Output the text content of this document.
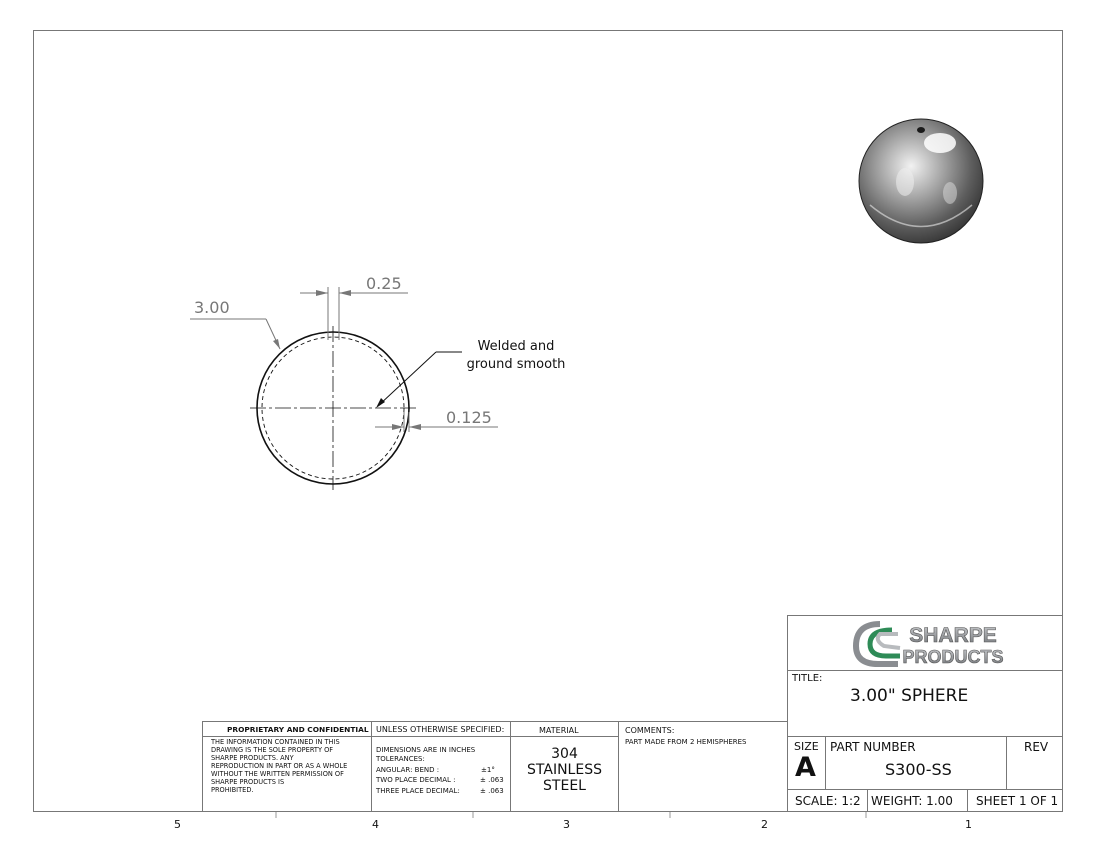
3.00
0.25
0.125
Welded and
ground smooth
SHARPE
PRODUCTS
TITLE:
3.00" SPHERE
SIZE
A
PART NUMBER
S300-SS
REV
SCALE: 1:2 WEIGHT: 1.00 SHEET 1 OF 1
PROPRIETARY AND CONFIDENTIAL
THE INFORMATION CONTAINED IN THIS
DRAWING IS THE SOLE PROPERTY OF
SHARPE PRODUCTS. ANY
REPRODUCTION IN PART OR AS A WHOLE
WITHOUT THE WRITTEN PERMISSION OF
SHARPE PRODUCTS IS
PROHIBITED.
UNLESS OTHERWISE SPECIFIED:
DIMENSIONS ARE IN INCHES
TOLERANCES:
ANGULAR: BEND :	±1°
TWO PLACE DECIMAL :	± .063
THREE PLACE DECIMAL:	± .063
MATERIAL
304
STAINLESS
STEEL
COMMENTS:
PART MADE FROM 2 HEMISPHERES
5	4	3	2	1
